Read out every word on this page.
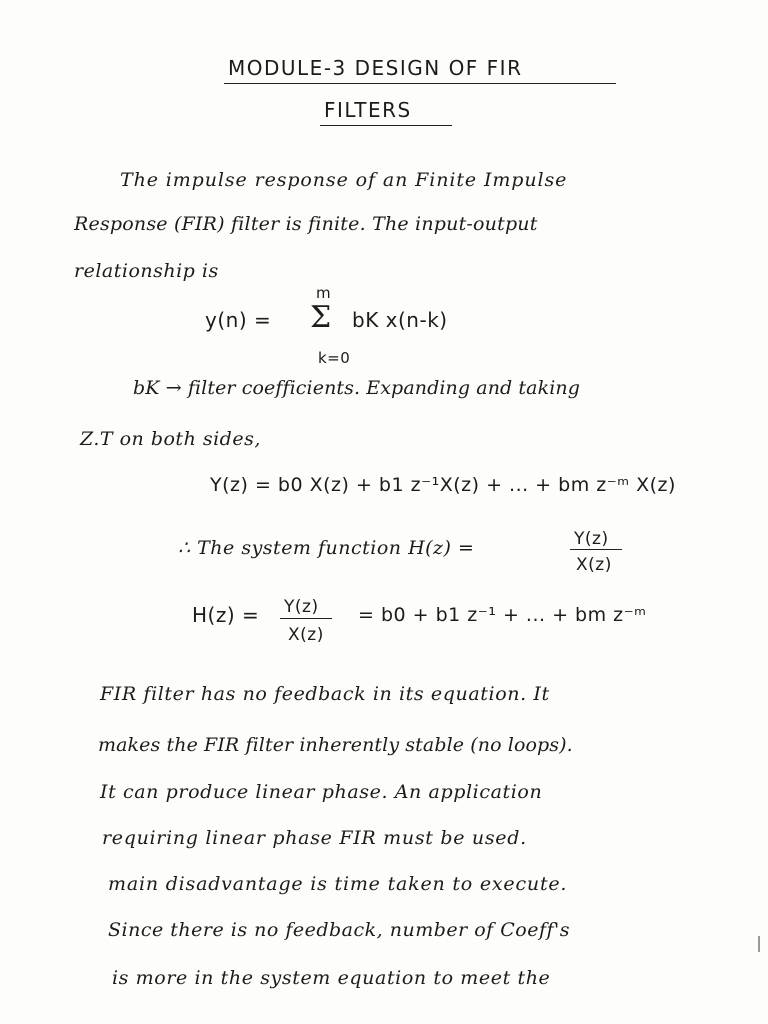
MODULE-3 DESIGN OF FIR
FILTERS
The impulse response of an Finite Impulse
Response (FIR) filter is finite. The input-output
relationship is
m
y(n) = Σ bK x(n-k)
k=0
bK → filter coefficients. Expanding and taking
Z.T on both sides,
Y(z) = b0 X(z) + b1 z⁻¹X(z) + ... + bm z⁻ᵐ X(z)
∴ The system function H(z) =	Y(z)
X(z)
H(z) = Y(z)
X(z)
= b0 + b1 z⁻¹ + ... + bm z⁻ᵐ
FIR filter has no feedback in its equation. It
makes the FIR filter inherently stable (no loops).
It can produce linear phase. An application
requiring linear phase FIR must be used.
main disadvantage is time taken to execute.
Since there is no feedback, number of Coeff's
is more in the system equation to meet the
